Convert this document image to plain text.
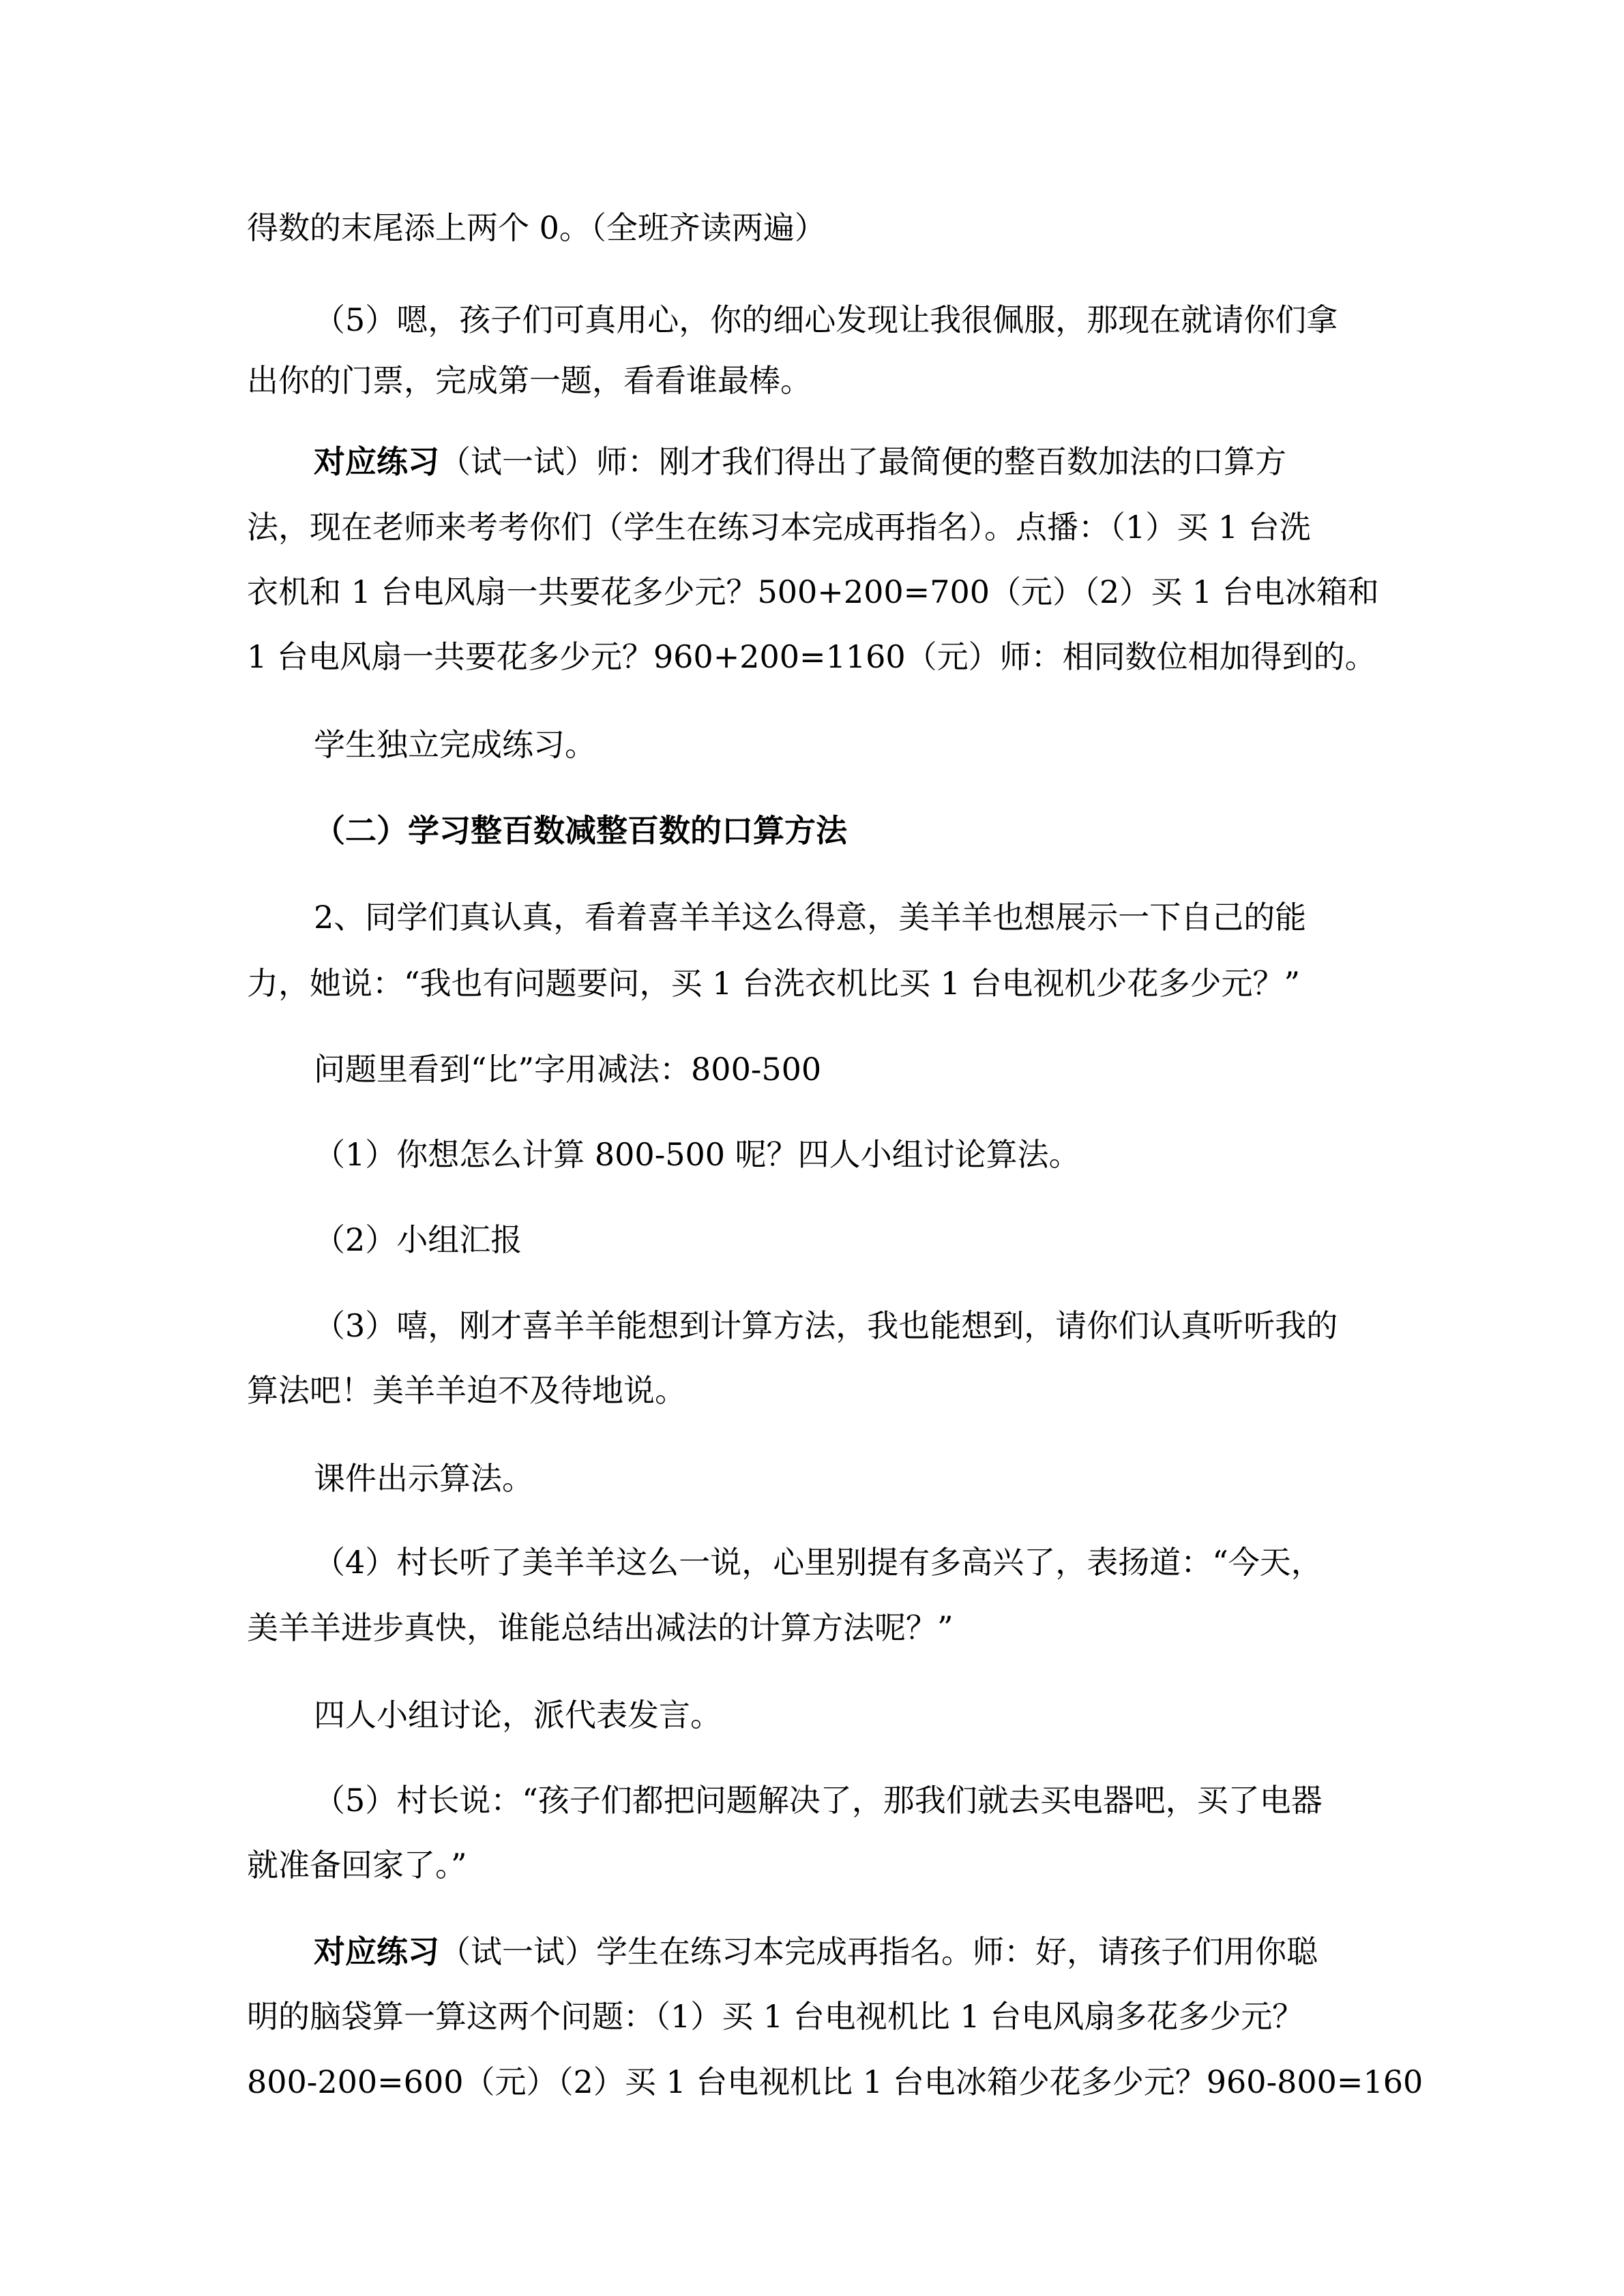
得数的末尾添上两个 0。（全班齐读两遍）
（5）嗯，孩子们可真用心，你的细心发现让我很佩服，那现在就请你们拿
出你的门票，完成第一题，看看谁最棒。
对应练习（试一试）师：刚才我们得出了最简便的整百数加法的口算方
法，现在老师来考考你们（学生在练习本完成再指名）。点播：（1）买 1 台洗
衣机和 1 台电风扇一共要花多少元？500+200=700（元）（2）买 1 台电冰箱和
1 台电风扇一共要花多少元？960+200=1160（元）师：相同数位相加得到的。
学生独立完成练习。
（二）学习整百数减整百数的口算方法
2、同学们真认真，看着喜羊羊这么得意，美羊羊也想展示一下自己的能
力，她说：“我也有问题要问，买 1 台洗衣机比买 1 台电视机少花多少元？”
问题里看到“比”字用减法：800-500
（1）你想怎么计算 800-500 呢？四人小组讨论算法。
（2）小组汇报
（3）嘻，刚才喜羊羊能想到计算方法，我也能想到，请你们认真听听我的
算法吧！美羊羊迫不及待地说。
课件出示算法。
（4）村长听了美羊羊这么一说，心里别提有多高兴了，表扬道：“今天，
美羊羊进步真快，谁能总结出减法的计算方法呢？”
四人小组讨论，派代表发言。
（5）村长说：“孩子们都把问题解决了，那我们就去买电器吧，买了电器
就准备回家了。”
对应练习（试一试）学生在练习本完成再指名。师：好，请孩子们用你聪
明的脑袋算一算这两个问题：（1）买 1 台电视机比 1 台电风扇多花多少元？
800-200=600（元）（2）买 1 台电视机比 1 台电冰箱少花多少元？960-800=160
